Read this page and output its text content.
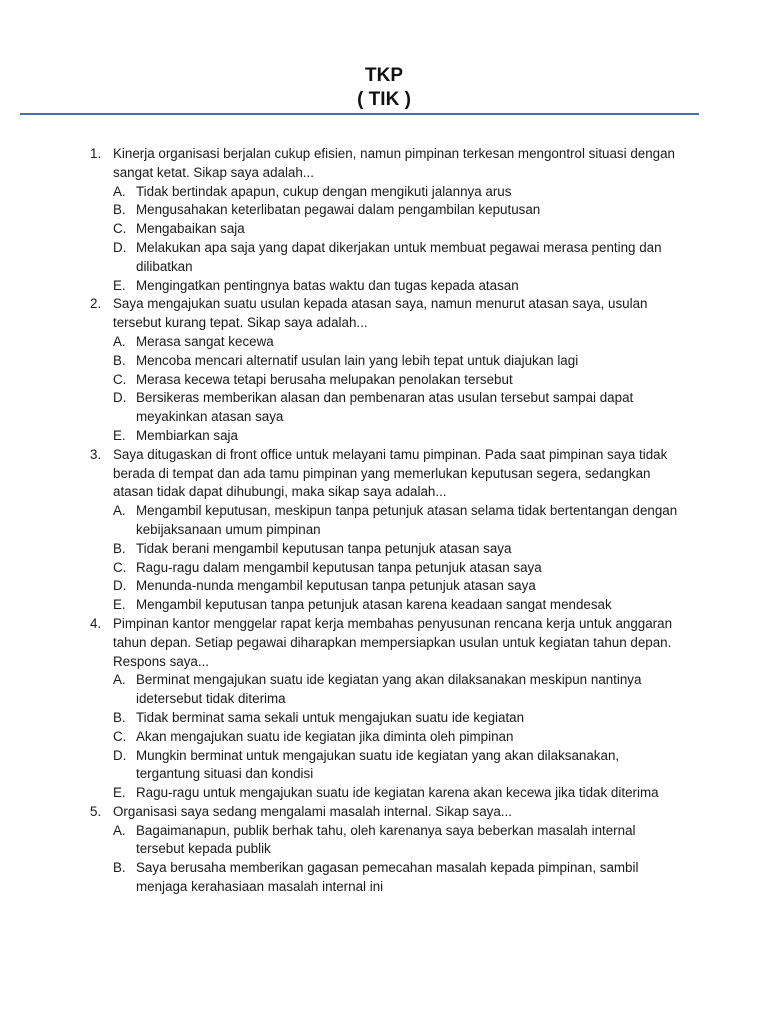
TKP
( TIK )
1. Kinerja organisasi berjalan cukup efisien, namun pimpinan terkesan mengontrol situasi dengan sangat ketat. Sikap saya adalah...
A. Tidak bertindak apapun, cukup dengan mengikuti jalannya arus
B. Mengusahakan keterlibatan pegawai dalam pengambilan keputusan
C. Mengabaikan saja
D. Melakukan apa saja yang dapat dikerjakan untuk membuat pegawai merasa penting dan dilibatkan
E. Mengingatkan pentingnya batas waktu dan tugas kepada atasan
2. Saya mengajukan suatu usulan kepada atasan saya, namun menurut atasan saya, usulan tersebut kurang tepat. Sikap saya adalah...
A. Merasa sangat kecewa
B. Mencoba mencari alternatif usulan lain yang lebih tepat untuk diajukan lagi
C. Merasa kecewa tetapi berusaha melupakan penolakan tersebut
D. Bersikeras memberikan alasan dan pembenaran atas usulan tersebut sampai dapat meyakinkan atasan saya
E. Membiarkan saja
3. Saya ditugaskan di front office untuk melayani tamu pimpinan. Pada saat pimpinan saya tidak berada di tempat dan ada tamu pimpinan yang memerlukan keputusan segera, sedangkan atasan tidak dapat dihubungi, maka sikap saya adalah...
A. Mengambil keputusan, meskipun tanpa petunjuk atasan selama tidak bertentangan dengan kebijaksanaan umum pimpinan
B. Tidak berani mengambil keputusan tanpa petunjuk atasan saya
C. Ragu-ragu dalam mengambil keputusan tanpa petunjuk atasan saya
D. Menunda-nunda mengambil keputusan tanpa petunjuk atasan saya
E. Mengambil keputusan tanpa petunjuk atasan karena keadaan sangat mendesak
4. Pimpinan kantor menggelar rapat kerja membahas penyusunan rencana kerja untuk anggaran tahun depan. Setiap pegawai diharapkan mempersiapkan usulan untuk kegiatan tahun depan. Respons saya...
A. Berminat mengajukan suatu ide kegiatan yang akan dilaksanakan meskipun nantinya idetersebut tidak diterima
B. Tidak berminat sama sekali untuk mengajukan suatu ide kegiatan
C. Akan mengajukan suatu ide kegiatan jika diminta oleh pimpinan
D. Mungkin berminat untuk mengajukan suatu ide kegiatan yang akan dilaksanakan, tergantung situasi dan kondisi
E. Ragu-ragu untuk mengajukan suatu ide kegiatan karena akan kecewa jika tidak diterima
5. Organisasi saya sedang mengalami masalah internal. Sikap saya...
A. Bagaimanapun, publik berhak tahu, oleh karenanya saya beberkan masalah internal tersebut kepada publik
B. Saya berusaha memberikan gagasan pemecahan masalah kepada pimpinan, sambil menjaga kerahasiaan masalah internal ini
